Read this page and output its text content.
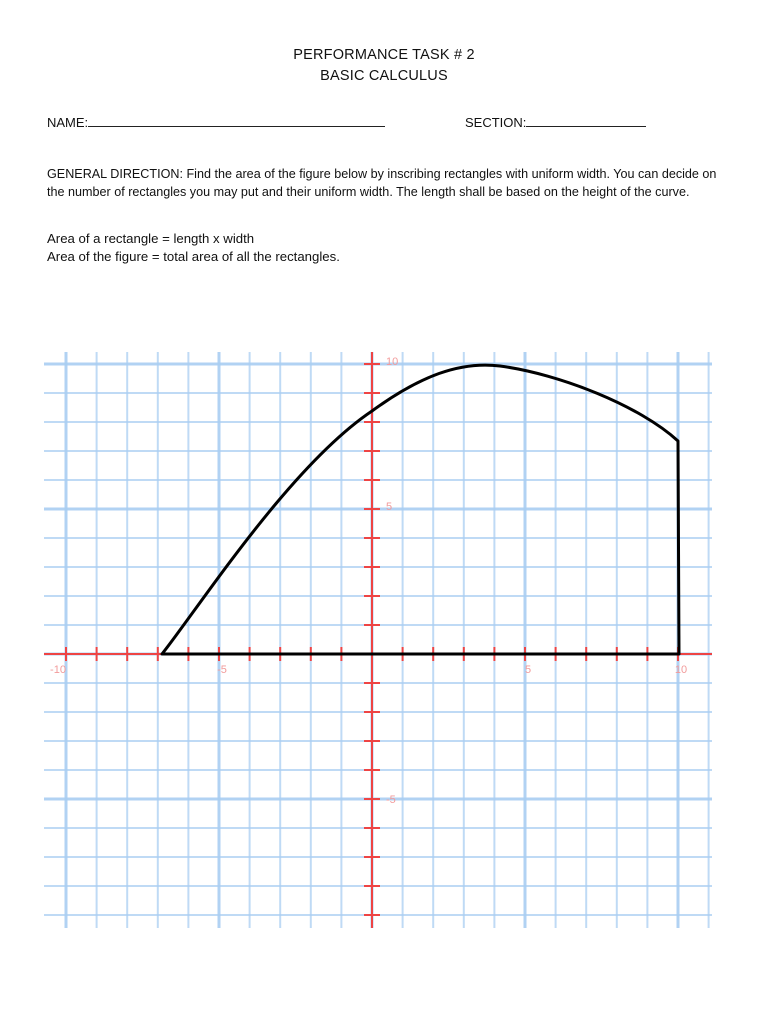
PERFORMANCE TASK # 2
BASIC CALCULUS
NAME:	SECTION:
GENERAL DIRECTION: Find the area of the figure below by inscribing rectangles with uniform width. You can decide on the number of rectangles you may put and their uniform width. The length shall be based on the height of the curve.
Area of a rectangle = length x width
Area of the figure = total area of all the rectangles.
-10	-5	5	10
10
5
-5
